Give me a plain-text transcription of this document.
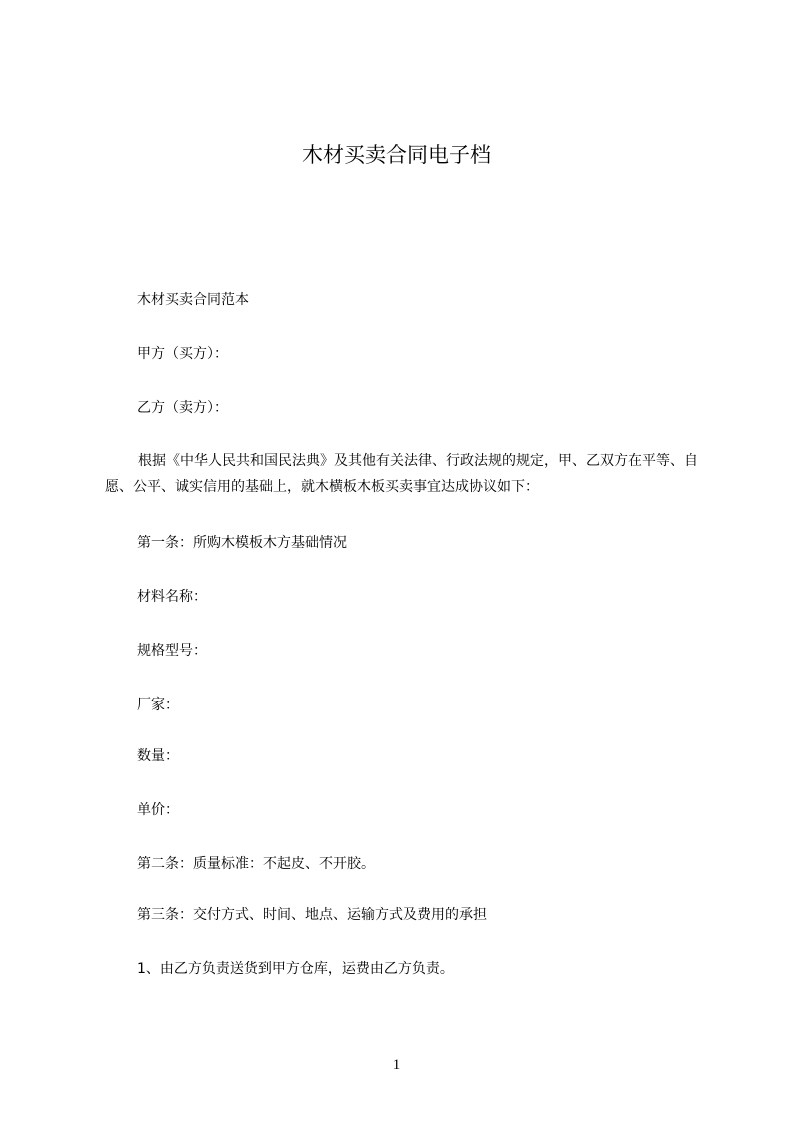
木材买卖合同电子档
木材买卖合同范本
甲方（买方）：
乙方（卖方）：
根据《中华人民共和国民法典》及其他有关法律、行政法规的规定，甲、乙双方在平等、自愿、公平、诚实信用的基础上，就木横板木板买卖事宜达成协议如下：
第一条：所购木模板木方基础情况
材料名称：
规格型号：
厂家：
数量：
单价：
第二条：质量标准：不起皮、不开胶。
第三条：交付方式、时间、地点、运输方式及费用的承担
1、由乙方负责送货到甲方仓库，运费由乙方负责。
1
